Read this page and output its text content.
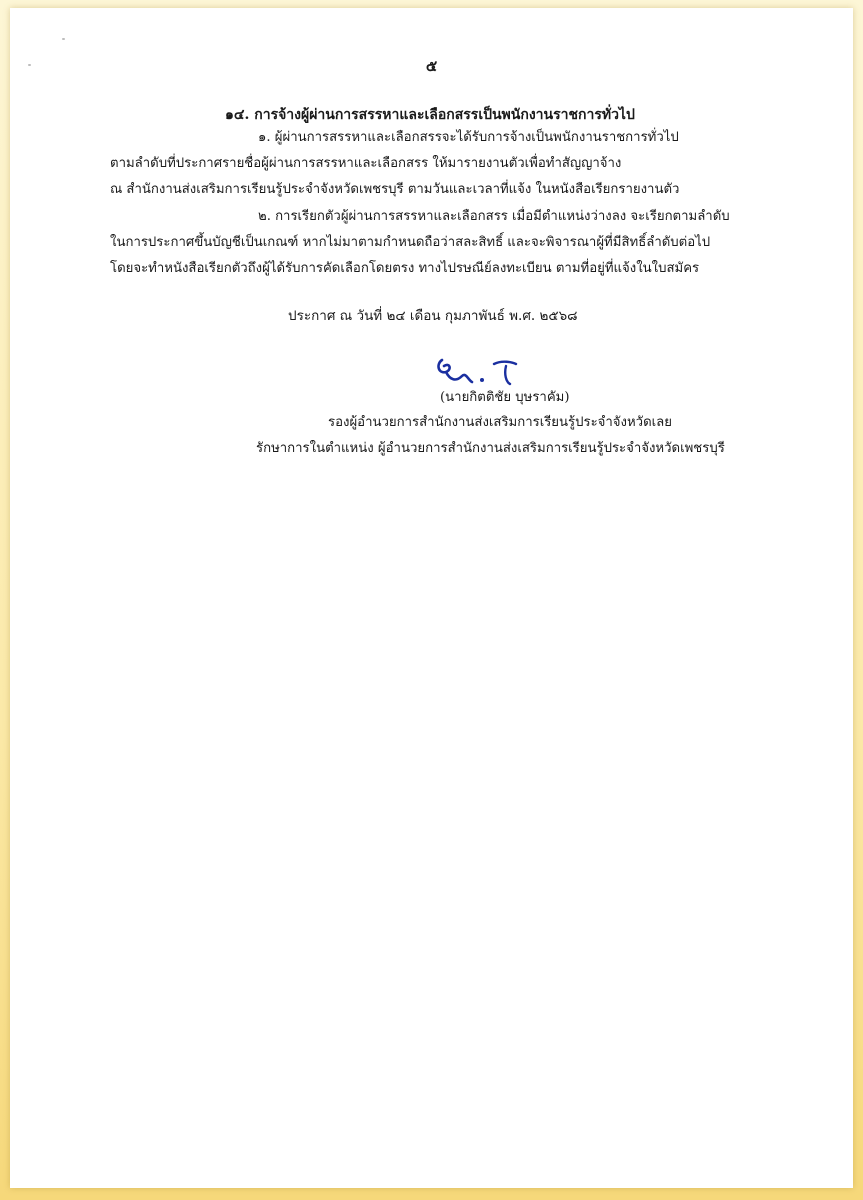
๕
๑๔. การจ้างผู้ผ่านการสรรหาและเลือกสรรเป็นพนักงานราชการทั่วไป
๑. ผู้ผ่านการสรรหาและเลือกสรรจะได้รับการจ้างเป็นพนักงานราชการทั่วไป
ตามลำดับที่ประกาศรายชื่อผู้ผ่านการสรรหาและเลือกสรร ให้มารายงานตัวเพื่อทำสัญญาจ้าง
ณ สำนักงานส่งเสริมการเรียนรู้ประจำจังหวัดเพชรบุรี ตามวันและเวลาที่แจ้ง ในหนังสือเรียกรายงานตัว
๒. การเรียกตัวผู้ผ่านการสรรหาและเลือกสรร เมื่อมีตำแหน่งว่างลง จะเรียกตามลำดับ
ในการประกาศขึ้นบัญชีเป็นเกณฑ์ หากไม่มาตามกำหนดถือว่าสละสิทธิ์ และจะพิจารณาผู้ที่มีสิทธิ์ลำดับต่อไป
โดยจะทำหนังสือเรียกตัวถึงผู้ได้รับการคัดเลือกโดยตรง ทางไปรษณีย์ลงทะเบียน ตามที่อยู่ที่แจ้งในใบสมัคร
ประกาศ ณ วันที่ ๒๔ เดือน กุมภาพันธ์ พ.ศ. ๒๕๖๘
(นายกิตติชัย บุษราคัม)
รองผู้อำนวยการสำนักงานส่งเสริมการเรียนรู้ประจำจังหวัดเลย
รักษาการในตำแหน่ง ผู้อำนวยการสำนักงานส่งเสริมการเรียนรู้ประจำจังหวัดเพชรบุรี
